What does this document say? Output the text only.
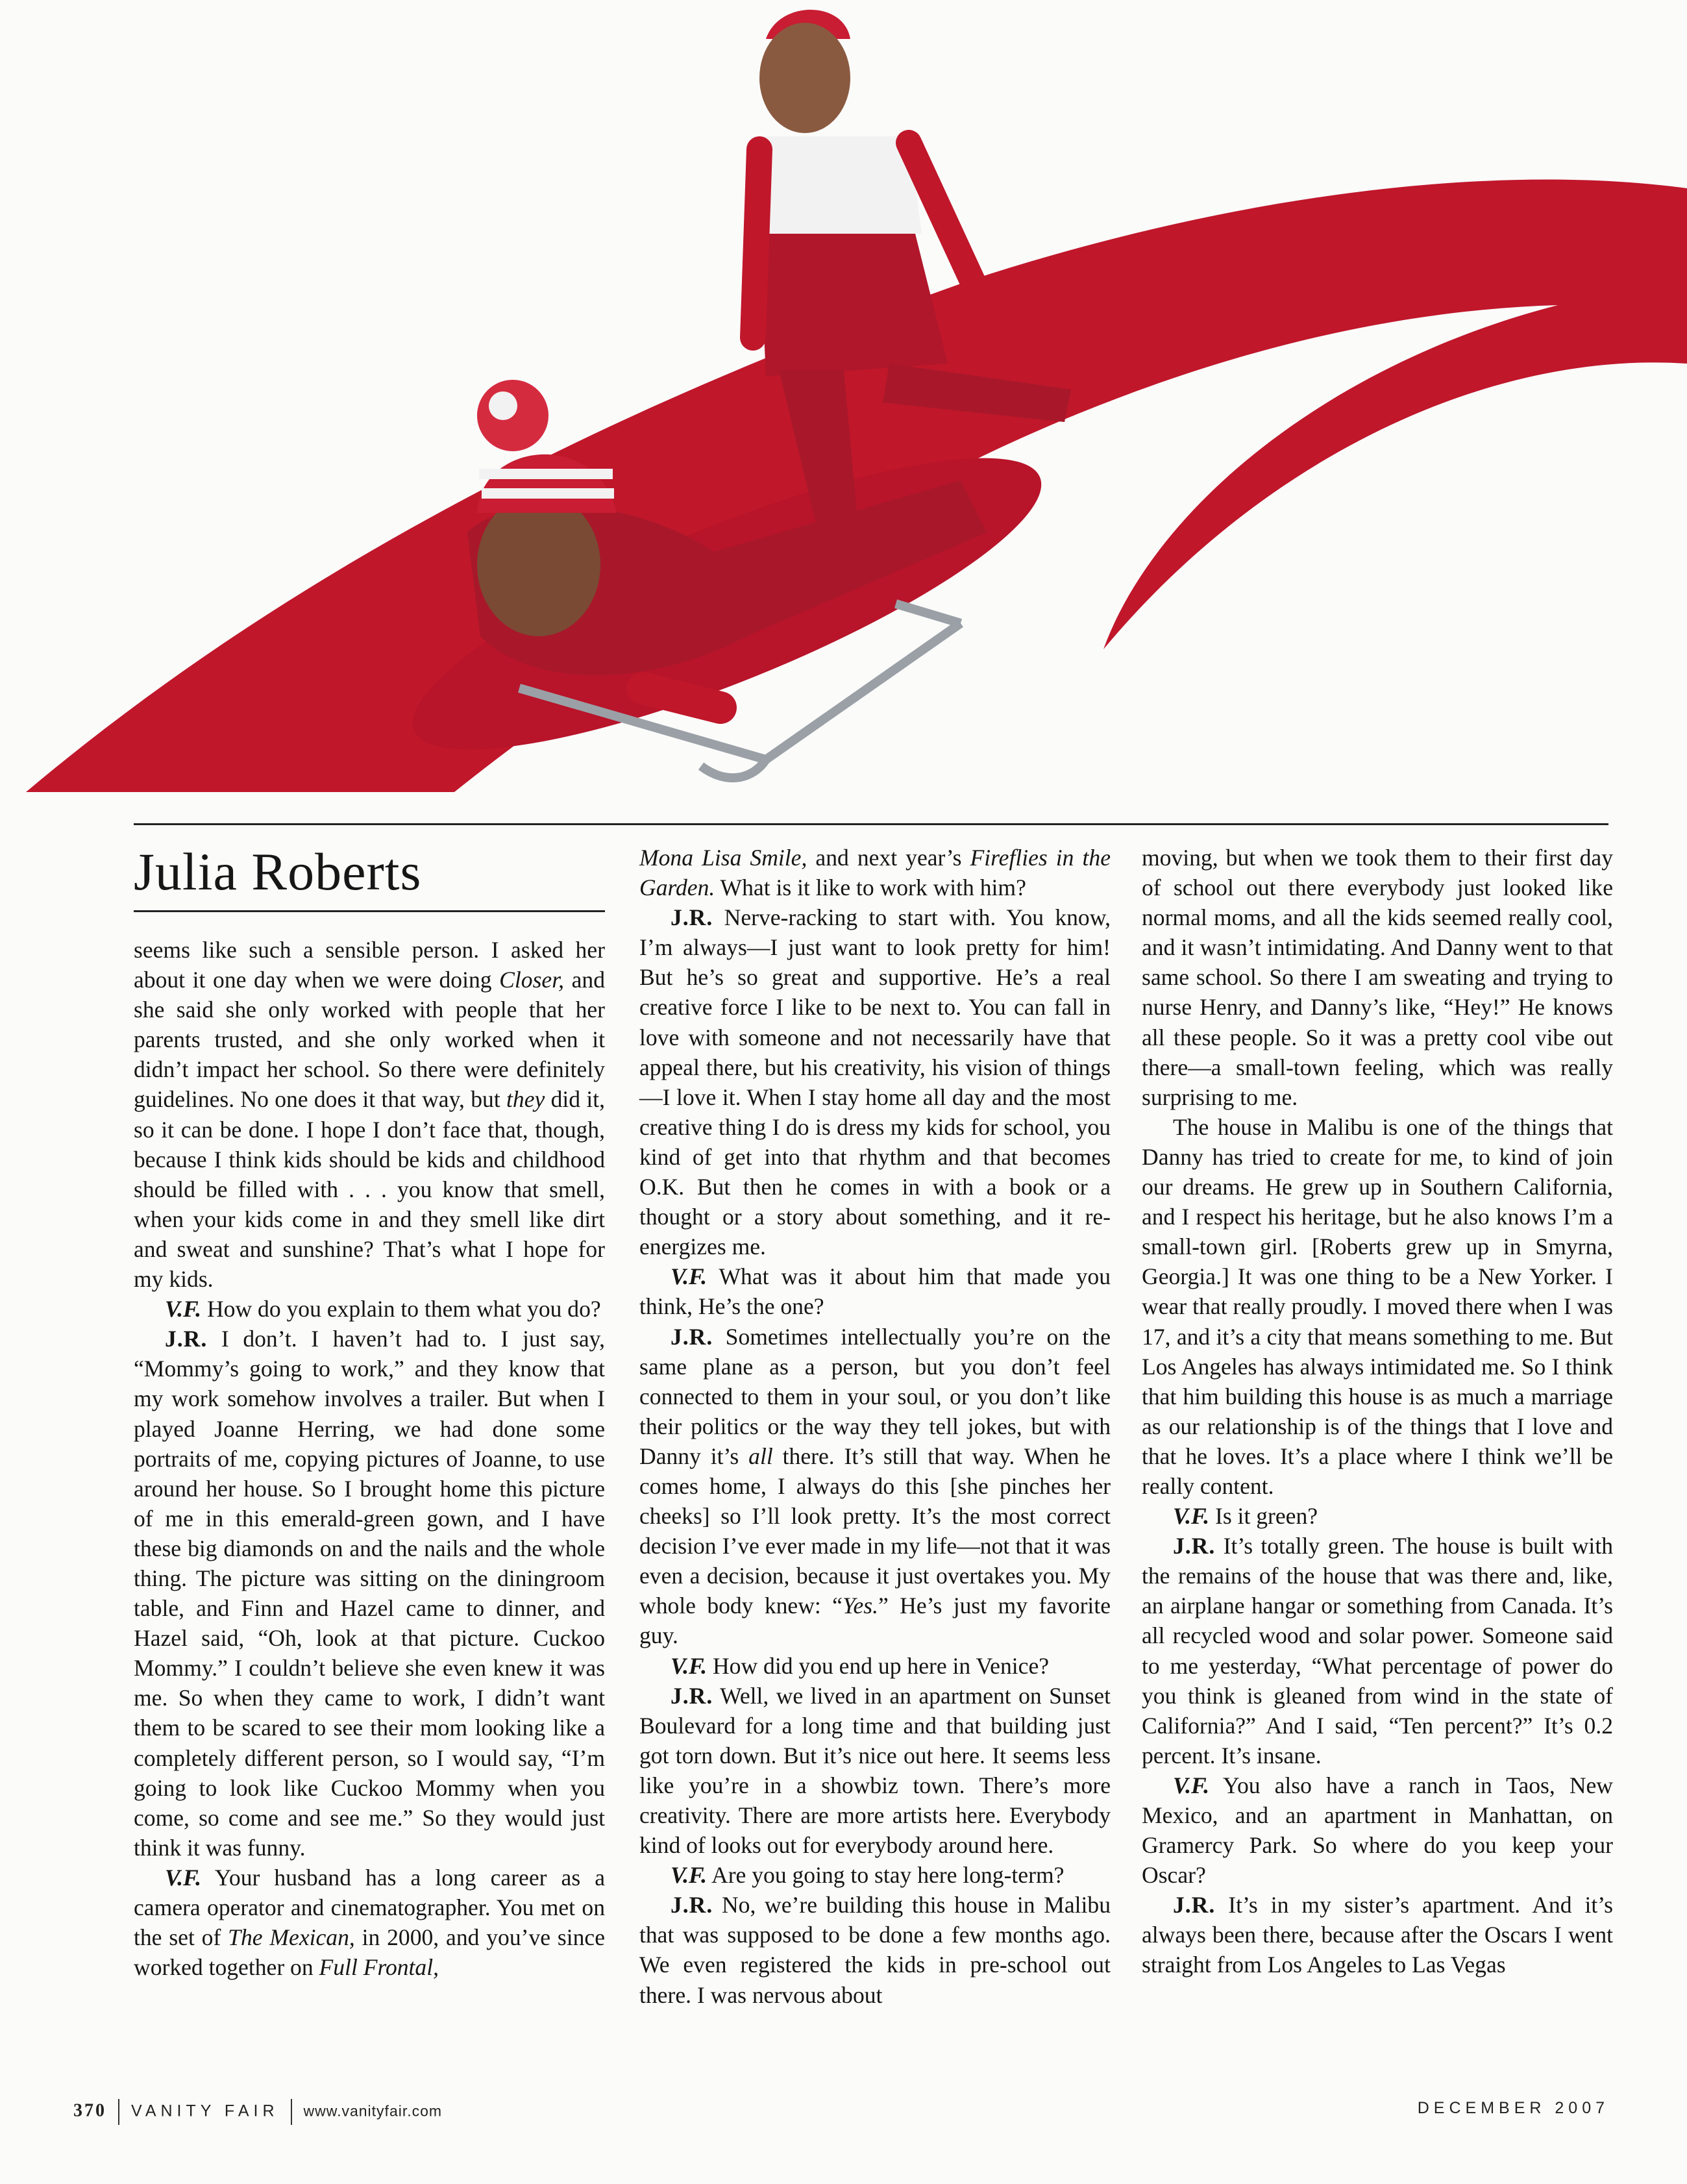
Julia Roberts

seems like such a sensible person. I asked her about it one day when we were doing Closer, and she said she only worked with people that her parents trusted, and she only worked when it didn’t impact her school. So there were definitely guidelines. No one does it that way, but they did it, so it can be done. I hope I don’t face that, though, because I think kids should be kids and childhood should be filled with . . . you know that smell, when your kids come in and they smell like dirt and sweat and sunshine? That’s what I hope for my kids.

V.F. How do you explain to them what you do?

J.R. I don’t. I haven’t had to. I just say, “Mommy’s going to work,” and they know that my work somehow involves a trailer. But when I played Joanne Herring, we had done some portraits of me, copying pictures of Joanne, to use around her house. So I brought home this picture of me in this emerald-green gown, and I have these big diamonds on and the nails and the whole thing. The picture was sitting on the diningroom table, and Finn and Hazel came to dinner, and Hazel said, “Oh, look at that picture. Cuckoo Mommy.” I couldn’t believe she even knew it was me. So when they came to work, I didn’t want them to be scared to see their mom looking like a completely different person, so I would say, “I’m going to look like Cuckoo Mommy when you come, so come and see me.” So they would just think it was funny.

V.F. Your husband has a long career as a camera operator and cinematographer. You met on the set of The Mexican, in 2000, and you’ve since worked together on Full Frontal,

Mona Lisa Smile, and next year’s Fireflies in the Garden. What is it like to work with him?

J.R. Nerve-racking to start with. You know, I’m always—I just want to look pretty for him! But he’s so great and supportive. He’s a real creative force I like to be next to. You can fall in love with someone and not necessarily have that appeal there, but his creativity, his vision of things—I love it. When I stay home all day and the most creative thing I do is dress my kids for school, you kind of get into that rhythm and that becomes O.K. But then he comes in with a book or a thought or a story about something, and it re-energizes me.

V.F. What was it about him that made you think, He’s the one?

J.R. Sometimes intellectually you’re on the same plane as a person, but you don’t feel connected to them in your soul, or you don’t like their politics or the way they tell jokes, but with Danny it’s all there. It’s still that way. When he comes home, I always do this [she pinches her cheeks] so I’ll look pretty. It’s the most correct decision I’ve ever made in my life—not that it was even a decision, because it just overtakes you. My whole body knew: “Yes.” He’s just my favorite guy.

V.F. How did you end up here in Venice?

J.R. Well, we lived in an apartment on Sunset Boulevard for a long time and that building just got torn down. But it’s nice out here. It seems less like you’re in a showbiz town. There’s more creativity. There are more artists here. Everybody kind of looks out for everybody around here.

V.F. Are you going to stay here long-term?

J.R. No, we’re building this house in Malibu that was supposed to be done a few months ago. We even registered the kids in pre-school out there. I was nervous about

moving, but when we took them to their first day of school out there everybody just looked like normal moms, and all the kids seemed really cool, and it wasn’t intimidating. And Danny went to that same school. So there I am sweating and trying to nurse Henry, and Danny’s like, “Hey!” He knows all these people. So it was a pretty cool vibe out there—a small-town feeling, which was really surprising to me.

The house in Malibu is one of the things that Danny has tried to create for me, to kind of join our dreams. He grew up in Southern California, and I respect his heritage, but he also knows I’m a small-town girl. [Roberts grew up in Smyrna, Georgia.] It was one thing to be a New Yorker. I wear that really proudly. I moved there when I was 17, and it’s a city that means something to me. But Los Angeles has always intimidated me. So I think that him building this house is as much a marriage as our relationship is of the things that I love and that he loves. It’s a place where I think we’ll be really content.

V.F. Is it green?

J.R. It’s totally green. The house is built with the remains of the house that was there and, like, an airplane hangar or something from Canada. It’s all recycled wood and solar power. Someone said to me yesterday, “What percentage of power do you think is gleaned from wind in the state of California?” And I said, “Ten percent?” It’s 0.2 percent. It’s insane.

V.F. You also have a ranch in Taos, New Mexico, and an apartment in Manhattan, on Gramercy Park. So where do you keep your Oscar?

J.R. It’s in my sister’s apartment. And it’s always been there, because after the Oscars I went straight from Los Angeles to Las Vegas

370 VANITY FAIR www.vanityfair.com	DECEMBER 2007
